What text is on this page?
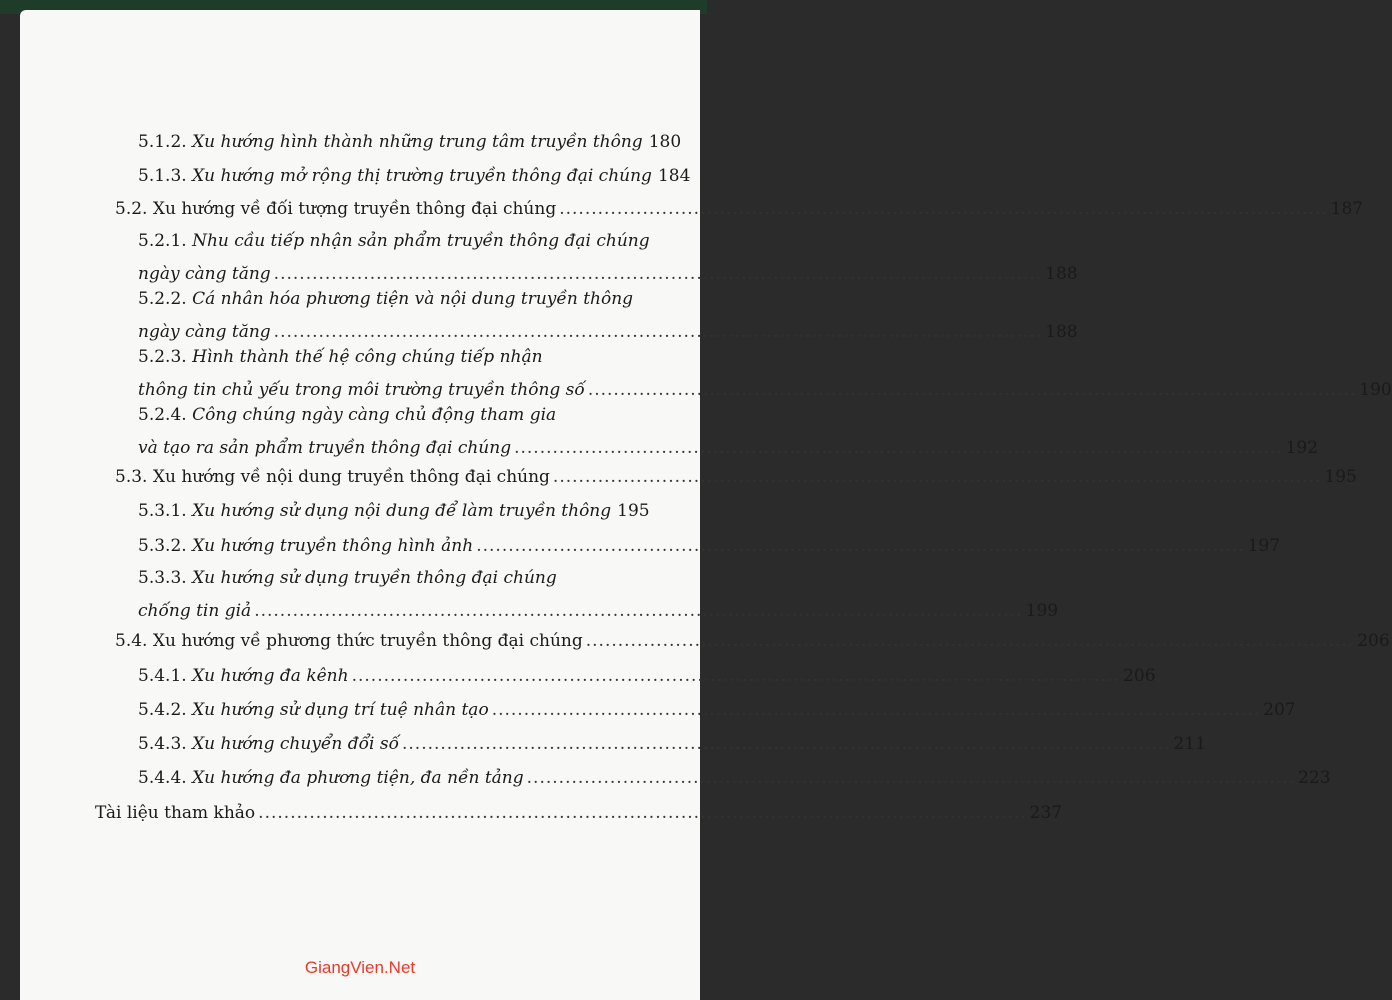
5.1.2. Xu hướng hình thành những trung tâm truyền thông 180
5.1.3. Xu hướng mở rộng thị trường truyền thông đại chúng 184
5.2. Xu hướng về đối tượng truyền thông đại chúng ........................................................................................................................ 187
5.2.1. Nhu cầu tiếp nhận sản phẩm truyền thông đại chúng
ngày càng tăng ........................................................................................................................ 188
5.2.2. Cá nhân hóa phương tiện và nội dung truyền thông
ngày càng tăng ........................................................................................................................ 188
5.2.3. Hình thành thế hệ công chúng tiếp nhận
thông tin chủ yếu trong môi trường truyền thông số ........................................................................................................................ 190
5.2.4. Công chúng ngày càng chủ động tham gia
và tạo ra sản phẩm truyền thông đại chúng ........................................................................................................................ 192
5.3. Xu hướng về nội dung truyền thông đại chúng ........................................................................................................................ 195
5.3.1. Xu hướng sử dụng nội dung để làm truyền thông 195
5.3.2. Xu hướng truyền thông hình ảnh ........................................................................................................................ 197
5.3.3. Xu hướng sử dụng truyền thông đại chúng
chống tin giả ........................................................................................................................ 199
5.4. Xu hướng về phương thức truyền thông đại chúng ........................................................................................................................ 206
5.4.1. Xu hướng đa kênh ........................................................................................................................ 206
5.4.2. Xu hướng sử dụng trí tuệ nhân tạo ........................................................................................................................ 207
5.4.3. Xu hướng chuyển đổi số ........................................................................................................................ 211
5.4.4. Xu hướng đa phương tiện, đa nền tảng ........................................................................................................................ 223
Tài liệu tham khảo ........................................................................................................................ 237
GiangVien.Net
